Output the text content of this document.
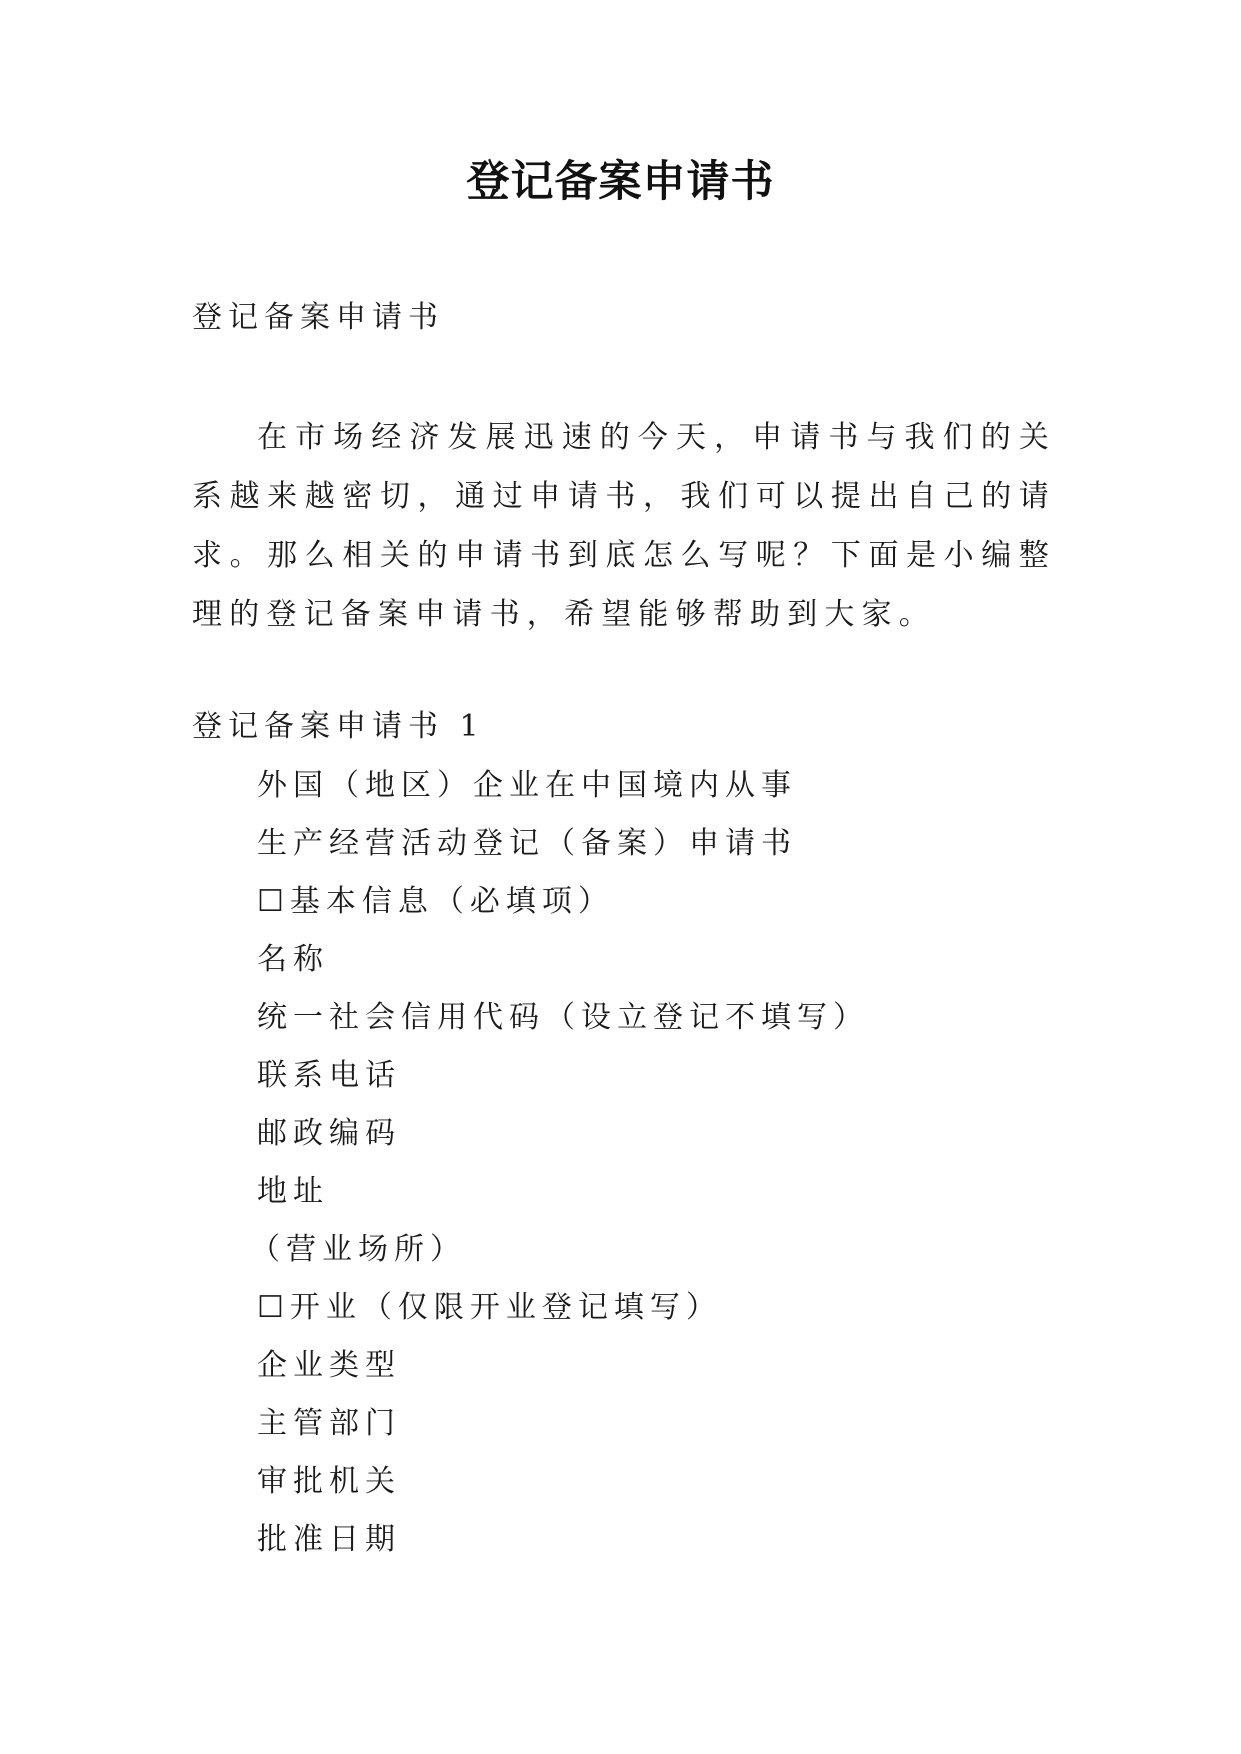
登记备案申请书
登记备案申请书
在市场经济发展迅速的今天，申请书与我们的关系越来越密切，通过申请书，我们可以提出自己的请求。那么相关的申请书到底怎么写呢？下面是小编整理的登记备案申请书，希望能够帮助到大家。
登记备案申请书 1
外国（地区）企业在中国境内从事
生产经营活动登记（备案）申请书
☐基本信息（必填项）
名称
统一社会信用代码（设立登记不填写）
联系电话
邮政编码
地址
（营业场所）
☐开业（仅限开业登记填写）
企业类型
主管部门
审批机关
批准日期
